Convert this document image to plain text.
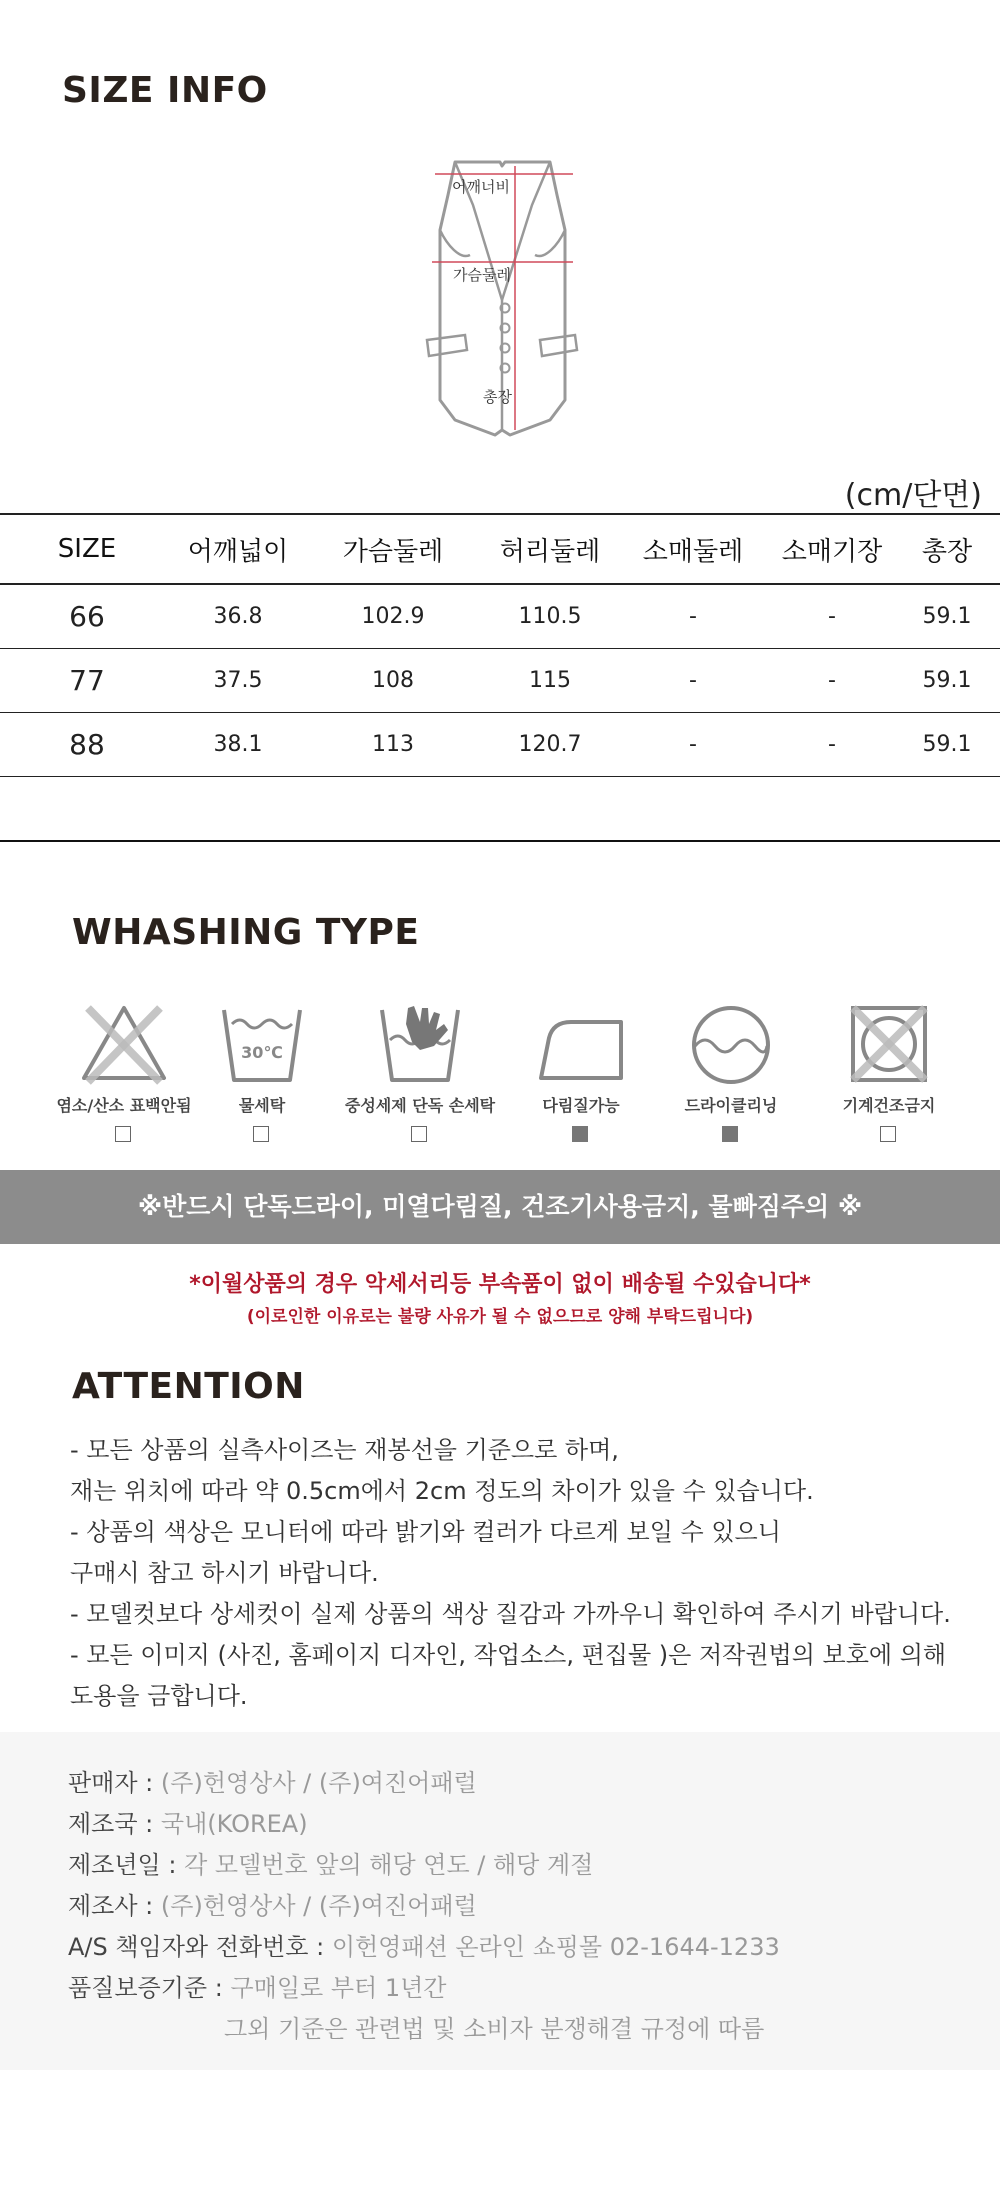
SIZE INFO
어깨너비
가슴둘레
총장
(cm/단면)
SIZE	어깨넓이	가슴둘레	허리둘레	소매둘레	소매기장	총장
66	36.8	102.9	110.5	-	-	59.1
77	37.5	108	115	-	-	59.1
88	38.1	113	120.7	-	-	59.1
WHASHING TYPE
염소/산소 표백안됨
30℃
물세탁	중성세제 단독 손세탁	다림질가능	드라이클리닝	기계건조금지
※반드시 단독드라이, 미열다림질, 건조기사용금지, 물빠짐주의 ※
*이월상품의 경우 악세서리등 부속품이 없이 배송될 수있습니다*
(이로인한 이유로는 불량 사유가 될 수 없으므로 양해 부탁드립니다)
ATTENTION
- 모든 상품의 실측사이즈는 재봉선을 기준으로 하며,
재는 위치에 따라 약 0.5cm에서 2cm 정도의 차이가 있을 수 있습니다.
- 상품의 색상은 모니터에 따라 밝기와 컬러가 다르게 보일 수 있으니
구매시 참고 하시기 바랍니다.
- 모델컷보다 상세컷이 실제 상품의 색상 질감과 가까우니 확인하여 주시기 바랍니다.
- 모든 이미지 (사진, 홈페이지 디자인, 작업소스, 편집물 )은 저작권법의 보호에 의해
도용을 금합니다.
판매자 : (주)헌영상사 / (주)여진어패럴
제조국 : 국내(KOREA)
제조년일 : 각 모델번호 앞의 해당 연도 / 해당 계절
제조사 : (주)헌영상사 / (주)여진어패럴
A/S 책임자와 전화번호 : 이헌영패션 온라인 쇼핑몰 02-1644-1233
품질보증기준 : 구매일로 부터 1년간
그외 기준은 관련법 및 소비자 분쟁해결 규정에 따름
